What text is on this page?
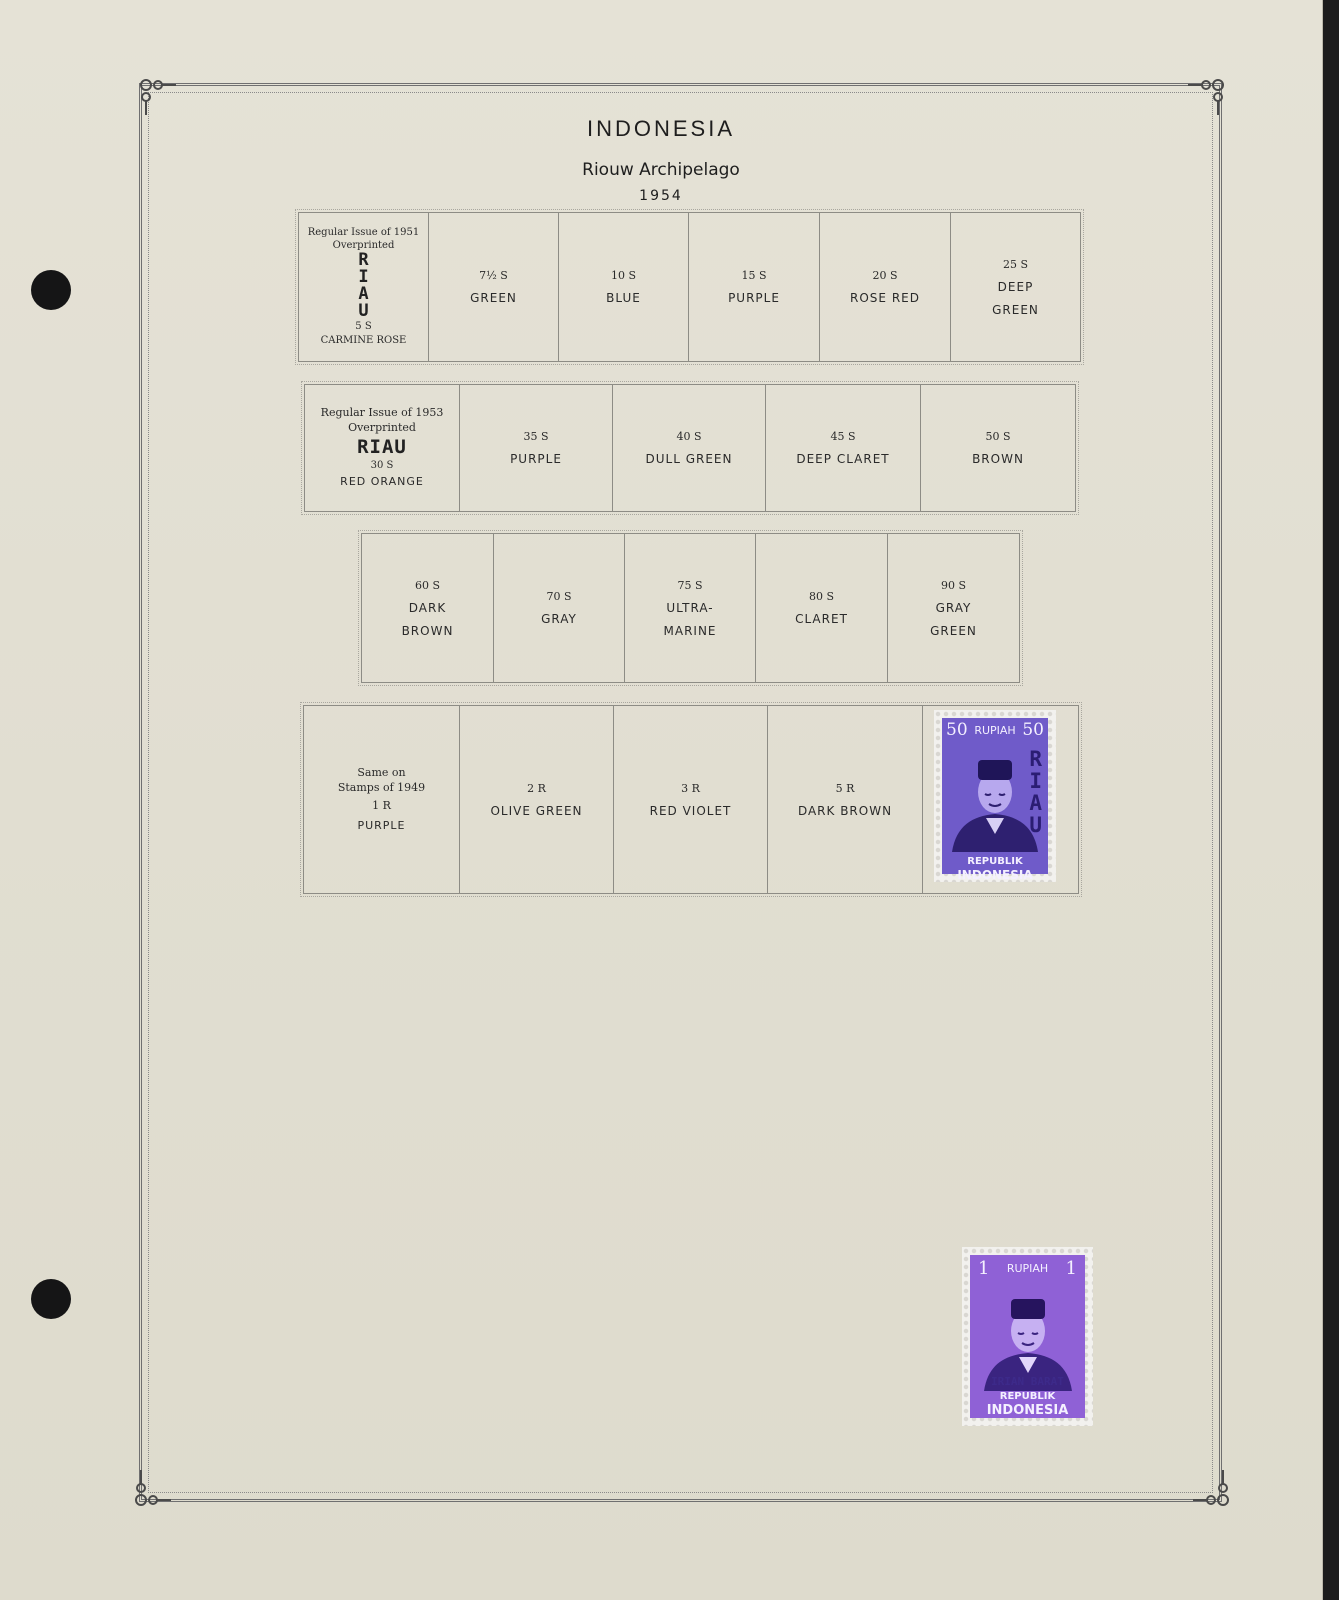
INDONESIA
Riouw Archipelago
1954
Regular Issue of 1951
Overprinted
R
I
A
U
5 S
CARMINE ROSE
7½ S
GREEN
10 S
BLUE
15 S
PURPLE
20 S
ROSE RED
25 S
DEEP
GREEN
Regular Issue of 1953
Overprinted
RIAU
30 S
RED ORANGE
35 S
PURPLE
40 S
DULL GREEN
45 S
DEEP CLARET
50 S
BROWN
60 S
DARK
BROWN
70 S
GRAY
75 S
ULTRA-
MARINE
80 S
CLARET
90 S
GRAY
GREEN
Same on
Stamps of 1949
1 R
PURPLE
2 R
OLIVE GREEN
3 R
RED VIOLET
5 R
DARK BROWN
50 RUPIAH 50
R
I
A
U
REPUBLIK
INDONESIA
1 RUPIAH 1
IRIAN BARAT
REPUBLIK
INDONESIA
